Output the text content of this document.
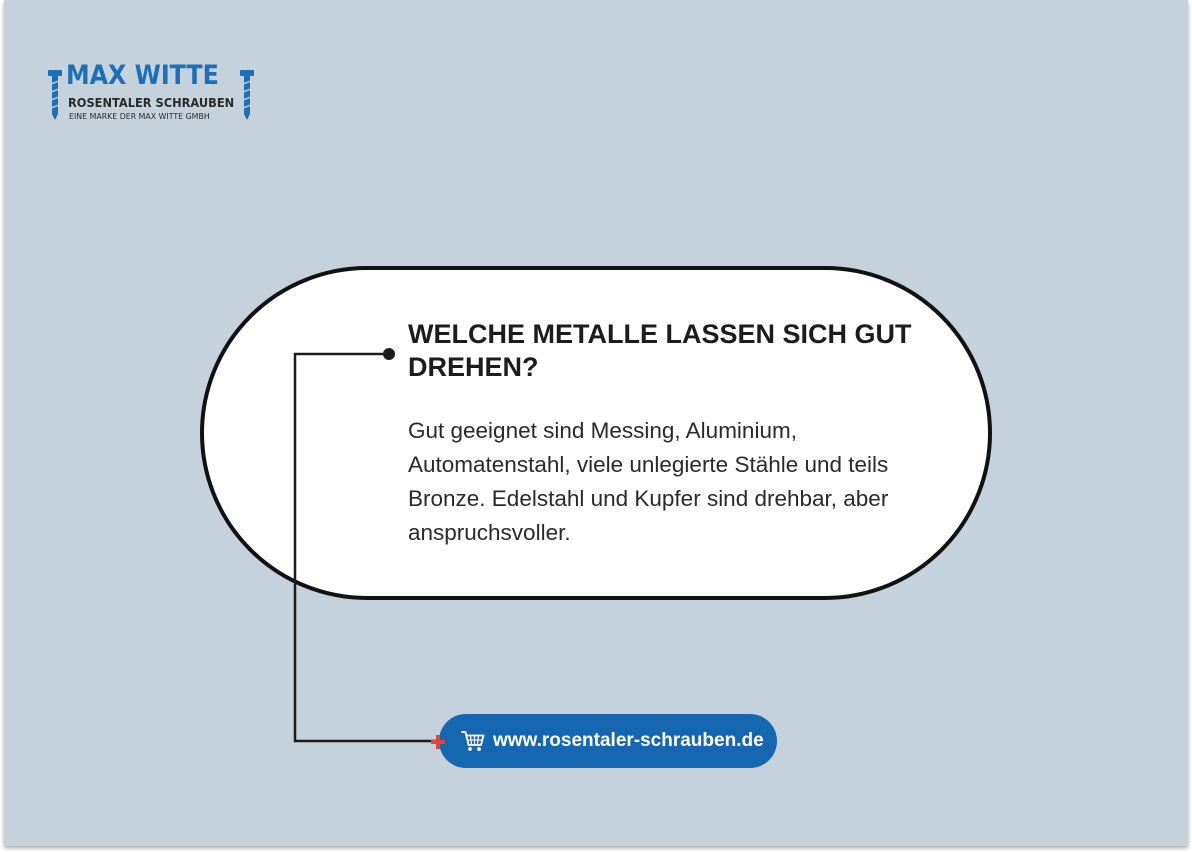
MAX WITTE
ROSENTALER SCHRAUBEN
EINE MARKE DER MAX WITTE GMBH
WELCHE METALLE LASSEN SICH GUT DREHEN?

Gut geeignet sind Messing, Aluminium, Automatenstahl, viele unlegierte Stähle und teils Bronze. Edelstahl und Kupfer sind drehbar, aber anspruchsvoller.

www.rosentaler-schrauben.de
